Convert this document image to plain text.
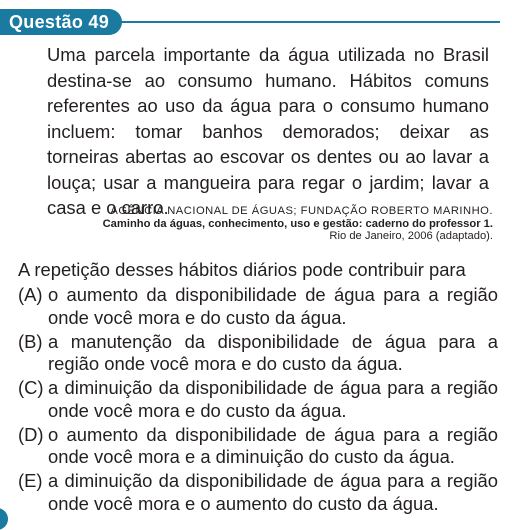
Questão 49

Uma parcela importante da água utilizada no Brasil destina-se ao consumo humano. Hábitos comuns referentes ao uso da água para o consumo humano incluem: tomar banhos demorados; deixar as torneiras abertas ao escovar os dentes ou ao lavar a louça; usar a mangueira para regar o jardim; lavar a casa e o carro.

AGÊNCIA NACIONAL DE ÁGUAS; FUNDAÇÃO ROBERTO MARINHO.
Caminho da águas, conhecimento, uso e gestão: caderno do professor 1.
Rio de Janeiro, 2006 (adaptado).

A repetição desses hábitos diários pode contribuir para

(A) o aumento da disponibilidade de água para a região onde você mora e do custo da água.
(B) a manutenção da disponibilidade de água para a região onde você mora e do custo da água.
(C) a diminuição da disponibilidade de água para a região onde você mora e do custo da água.
(D) o aumento da disponibilidade de água para a região onde você mora e a diminuição do custo da água.
(E) a diminuição da disponibilidade de água para a região onde você mora e o aumento do custo da água.
